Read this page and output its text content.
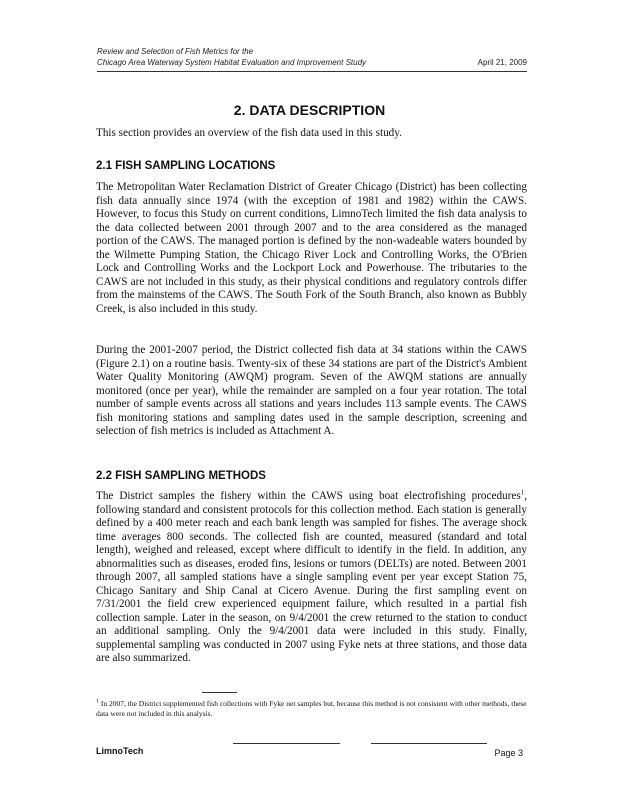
Review and Selection of Fish Metrics for the
Chicago Area Waterway System Habitat Evaluation and Improvement Study	April 21, 2009
2. DATA DESCRIPTION

This section provides an overview of the fish data used in this study.

2.1 FISH SAMPLING LOCATIONS

The Metropolitan Water Reclamation District of Greater Chicago (District) has been collecting fish data annually since 1974 (with the exception of 1981 and 1982) within the CAWS. However, to focus this Study on current conditions, LimnoTech limited the fish data analysis to the data collected between 2001 through 2007 and to the area considered as the managed portion of the CAWS. The managed portion is defined by the non-wadeable waters bounded by the Wilmette Pumping Station, the Chicago River Lock and Controlling Works, the O'Brien Lock and Controlling Works and the Lockport Lock and Powerhouse. The tributaries to the CAWS are not included in this study, as their physical conditions and regulatory controls differ from the mainstems of the CAWS. The South Fork of the South Branch, also known as Bubbly Creek, is also included in this study.

During the 2001-2007 period, the District collected fish data at 34 stations within the CAWS (Figure 2.1) on a routine basis. Twenty-six of these 34 stations are part of the District's Ambient Water Quality Monitoring (AWQM) program. Seven of the AWQM stations are annually monitored (once per year), while the remainder are sampled on a four year rotation. The total number of sample events across all stations and years includes 113 sample events. The CAWS fish monitoring stations and sampling dates used in the sample description, screening and selection of fish metrics is included as Attachment A.

2.2 FISH SAMPLING METHODS

The District samples the fishery within the CAWS using boat electrofishing procedures$^1$, following standard and consistent protocols for this collection method. Each station is generally defined by a 400 meter reach and each bank length was sampled for fishes. The average shock time averages 800 seconds. The collected fish are counted, measured (standard and total length), weighed and released, except where difficult to identify in the field. In addition, any abnormalities such as diseases, eroded fins, lesions or tumors (DELTs) are noted. Between 2001 through 2007, all sampled stations have a single sampling event per year except Station 75, Chicago Sanitary and Ship Canal at Cicero Avenue. During the first sampling event on 7/31/2001 the field crew experienced equipment failure, which resulted in a partial fish collection sample. Later in the season, on 9/4/2001 the crew returned to the station to conduct an additional sampling. Only the 9/4/2001 data were included in this study. Finally, supplemental sampling was conducted in 2007 using Fyke nets at three stations, and those data are also summarized.

$^1$ In 2007, the District supplemented fish collections with Fyke net samples but, because this method is not consistent with other methods, these data were not included in this analysis.

LimnoTech	Page 3
